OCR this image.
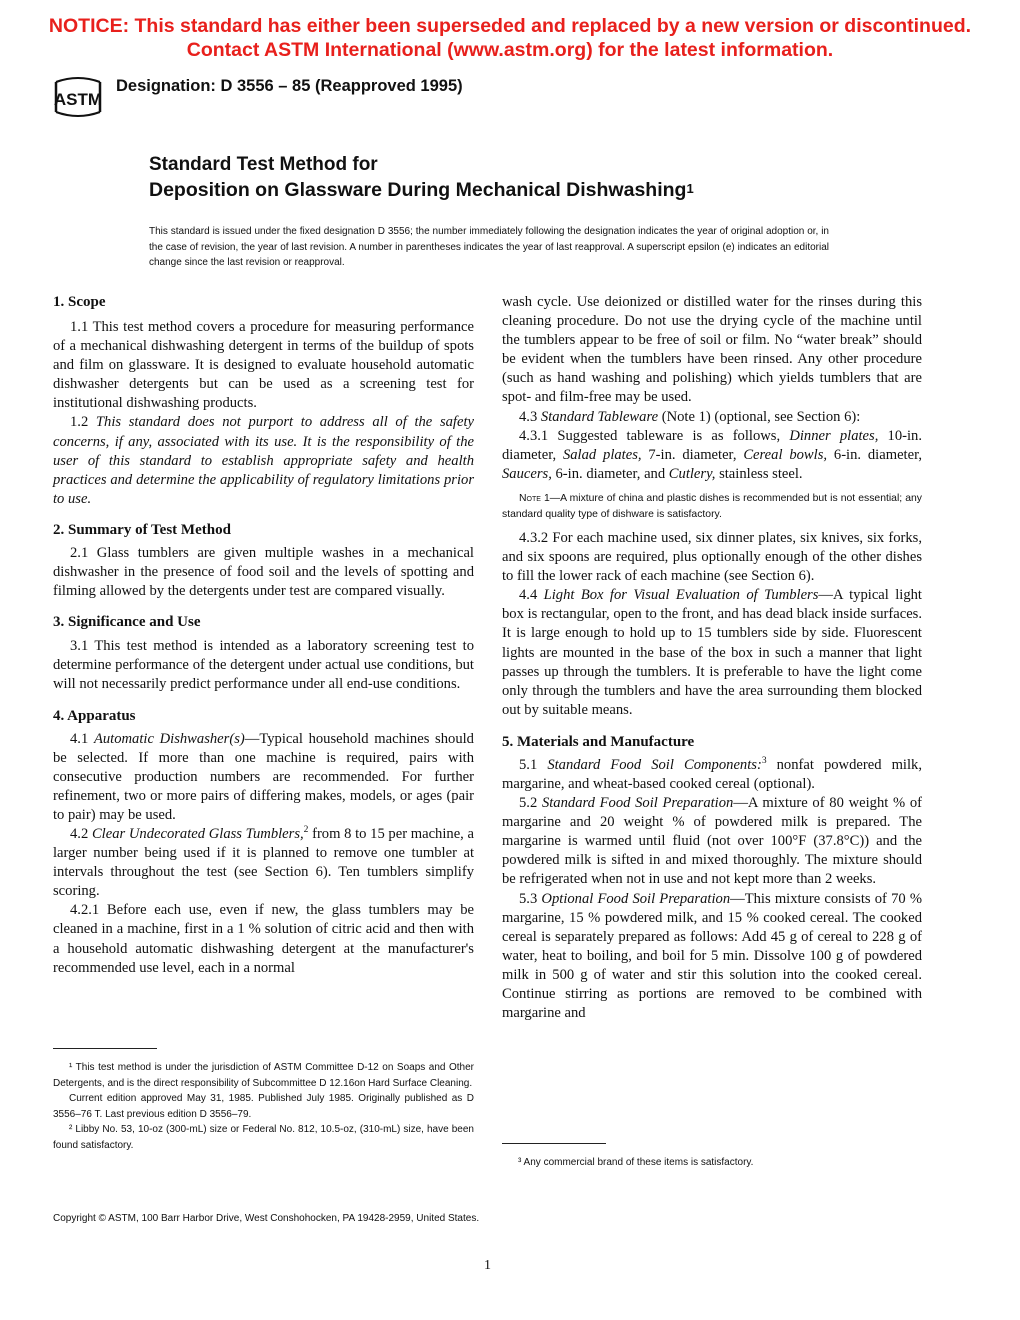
NOTICE: This standard has either been superseded and replaced by a new version or discontinued.
Contact ASTM International (www.astm.org) for the latest information.
ASTM
Designation: D 3556 – 85 (Reapproved 1995)
Standard Test Method for
Deposition on Glassware During Mechanical Dishwashing$^1$
This standard is issued under the fixed designation D 3556; the number immediately following the designation indicates the year of original adoption or, in the case of revision, the year of last revision. A number in parentheses indicates the year of last reapproval. A superscript epsilon (e) indicates an editorial change since the last revision or reapproval.
1. Scope

1.1 This test method covers a procedure for measuring performance of a mechanical dishwashing detergent in terms of the buildup of spots and film on glassware. It is designed to evaluate household automatic dishwasher detergents but can be used as a screening test for institutional dishwashing products.

1.2 This standard does not purport to address all of the safety concerns, if any, associated with its use. It is the responsibility of the user of this standard to establish appropriate safety and health practices and determine the applicability of regulatory limitations prior to use.

2. Summary of Test Method

2.1 Glass tumblers are given multiple washes in a mechanical dishwasher in the presence of food soil and the levels of spotting and filming allowed by the detergents under test are compared visually.

3. Significance and Use

3.1 This test method is intended as a laboratory screening test to determine performance of the detergent under actual use conditions, but will not necessarily predict performance under all end-use conditions.

4. Apparatus

4.1 Automatic Dishwasher(s)—Typical household machines should be selected. If more than one machine is required, pairs with consecutive production numbers are recommended. For further refinement, two or more pairs of differing makes, models, or ages (pair to pair) may be used.

4.2 Clear Undecorated Glass Tumblers,$^2$ from 8 to 15 per machine, a larger number being used if it is planned to remove one tumbler at intervals throughout the test (see Section 6). Ten tumblers simplify scoring.

4.2.1 Before each use, even if new, the glass tumblers may be cleaned in a machine, first in a 1 % solution of citric acid and then with a household automatic dishwashing detergent at the manufacturer's recommended use level, each in a normal

¹ This test method is under the jurisdiction of ASTM Committee D-12 on Soaps and Other Detergents, and is the direct responsibility of Subcommittee D 12.16on Hard Surface Cleaning.

Current edition approved May 31, 1985. Published July 1985. Originally published as D 3556–76 T. Last previous edition D 3556–79.

² Libby No. 53, 10-oz (300-mL) size or Federal No. 812, 10.5-oz, (310-mL) size, have been found satisfactory.

wash cycle. Use deionized or distilled water for the rinses during this cleaning procedure. Do not use the drying cycle of the machine until the tumblers appear to be free of soil or film. No “water break” should be evident when the tumblers have been rinsed. Any other procedure (such as hand washing and polishing) which yields tumblers that are spot- and film-free may be used.

4.3 Standard Tableware (Note 1) (optional, see Section 6):

4.3.1 Suggested tableware is as follows, Dinner plates, 10-in. diameter, Salad plates, 7-in. diameter, Cereal bowls, 6-in. diameter, Saucers, 6-in. diameter, and Cutlery, stainless steel.

Note 1—A mixture of china and plastic dishes is recommended but is not essential; any standard quality type of dishware is satisfactory.

4.3.2 For each machine used, six dinner plates, six knives, six forks, and six spoons are required, plus optionally enough of the other dishes to fill the lower rack of each machine (see Section 6).

4.4 Light Box for Visual Evaluation of Tumblers—A typical light box is rectangular, open to the front, and has dead black inside surfaces. It is large enough to hold up to 15 tumblers side by side. Fluorescent lights are mounted in the base of the box in such a manner that light passes up through the tumblers. It is preferable to have the light come only through the tumblers and have the area surrounding them blocked out by suitable means.

5. Materials and Manufacture

5.1 Standard Food Soil Components:$^3$ nonfat powdered milk, margarine, and wheat-based cooked cereal (optional).

5.2 Standard Food Soil Preparation—A mixture of 80 weight % of margarine and 20 weight % of powdered milk is prepared. The margarine is warmed until fluid (not over 100°F (37.8°C)) and the powdered milk is sifted in and mixed thoroughly. The mixture should be refrigerated when not in use and not kept more than 2 weeks.

5.3 Optional Food Soil Preparation—This mixture consists of 70 % margarine, 15 % powdered milk, and 15 % cooked cereal. The cooked cereal is separately prepared as follows: Add 45 g of cereal to 228 g of water, heat to boiling, and boil for 5 min. Dissolve 100 g of powdered milk in 500 g of water and stir this solution into the cooked cereal. Continue stirring as portions are removed to be combined with margarine and

³ Any commercial brand of these items is satisfactory.

Copyright © ASTM, 100 Barr Harbor Drive, West Conshohocken, PA 19428-2959, United States.
1
